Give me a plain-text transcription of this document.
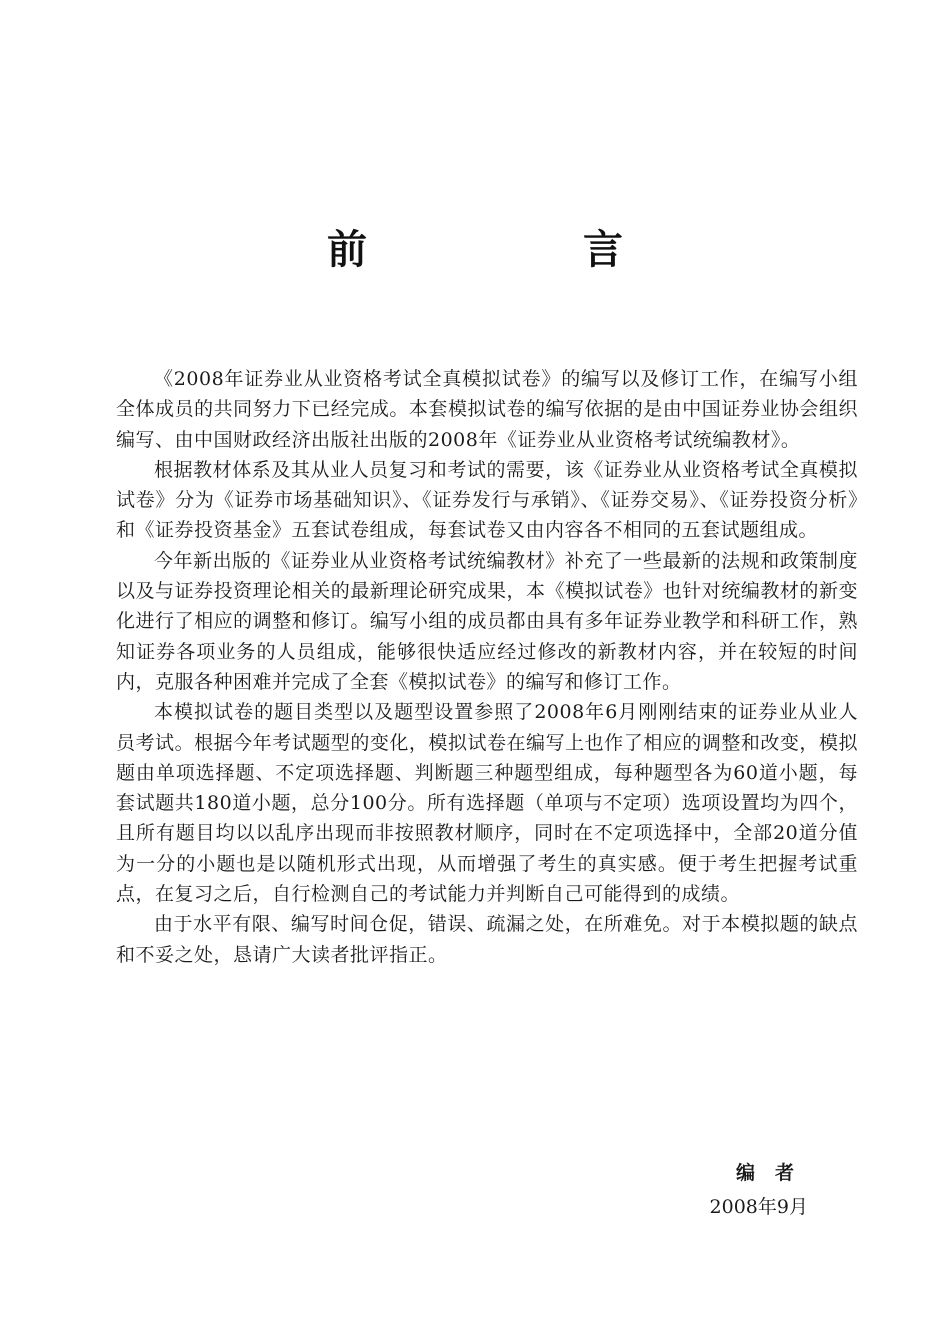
前　言

《2008年证券业从业资格考试全真模拟试卷》的编写以及修订工作，在编写小组全体成员的共同努力下已经完成。本套模拟试卷的编写依据的是由中国证券业协会组织编写、由中国财政经济出版社出版的2008年《证券业从业资格考试统编教材》。

根据教材体系及其从业人员复习和考试的需要，该《证券业从业资格考试全真模拟试卷》分为《证券市场基础知识》、《证券发行与承销》、《证券交易》、《证券投资分析》和《证券投资基金》五套试卷组成，每套试卷又由内容各不相同的五套试题组成。

今年新出版的《证券业从业资格考试统编教材》补充了一些最新的法规和政策制度以及与证券投资理论相关的最新理论研究成果，本《模拟试卷》也针对统编教材的新变化进行了相应的调整和修订。编写小组的成员都由具有多年证券业教学和科研工作，熟知证券各项业务的人员组成，能够很快适应经过修改的新教材内容，并在较短的时间内，克服各种困难并完成了全套《模拟试卷》的编写和修订工作。

本模拟试卷的题目类型以及题型设置参照了2008年6月刚刚结束的证券业从业人员考试。根据今年考试题型的变化，模拟试卷在编写上也作了相应的调整和改变，模拟题由单项选择题、不定项选择题、判断题三种题型组成，每种题型各为60道小题，每套试题共180道小题，总分100分。所有选择题（单项与不定项）选项设置均为四个，且所有题目均以以乱序出现而非按照教材顺序，同时在不定项选择中，全部20道分值为一分的小题也是以随机形式出现，从而增强了考生的真实感。便于考生把握考试重点，在复习之后，自行检测自己的考试能力并判断自己可能得到的成绩。

由于水平有限、编写时间仓促，错误、疏漏之处，在所难免。对于本模拟题的缺点和不妥之处，恳请广大读者批评指正。

编者
2008年9月
